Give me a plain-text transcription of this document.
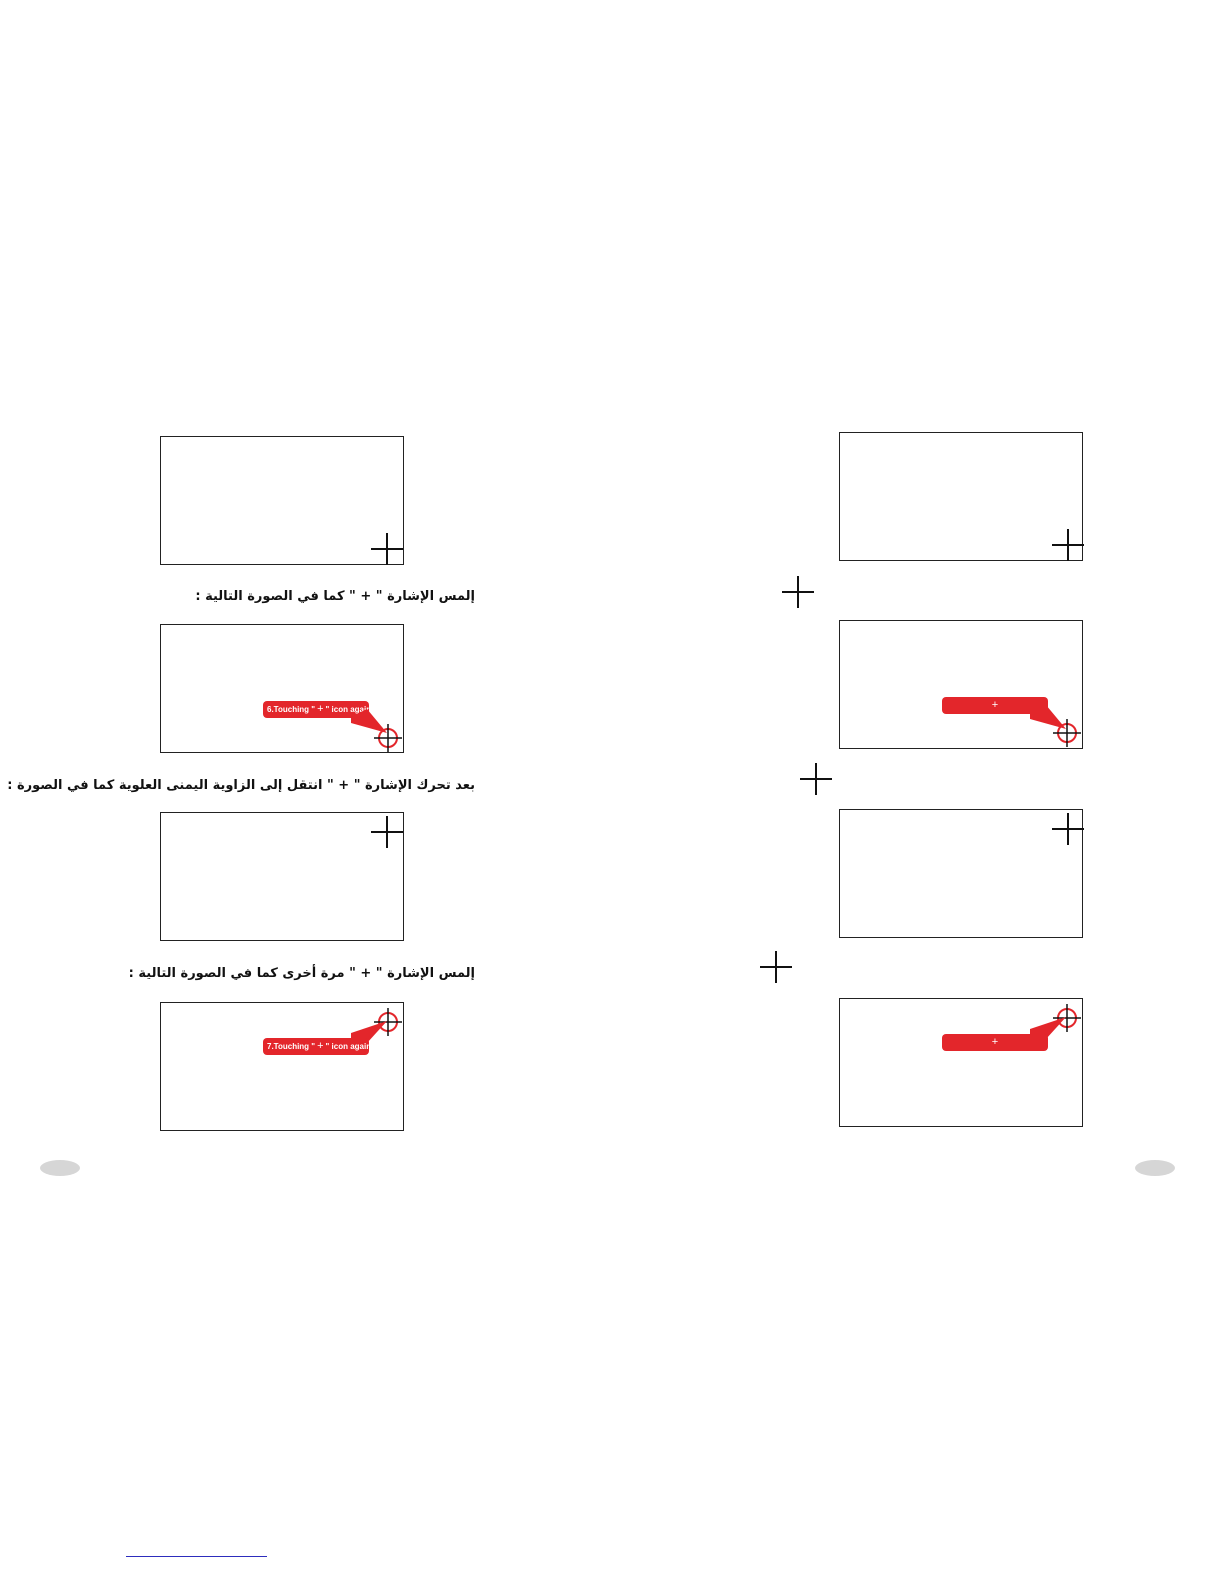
إلمس الإشارة " + " كما في الصورة التالية :
6.Touching " + " icon again
بعد تحرك الإشارة " + " انتقل إلى الزاوية اليمنى العلوية كما في الصورة :
إلمس الإشارة " + " مرة أخرى كما في الصورة التالية :
7.Touching " + " icon again
+
+
